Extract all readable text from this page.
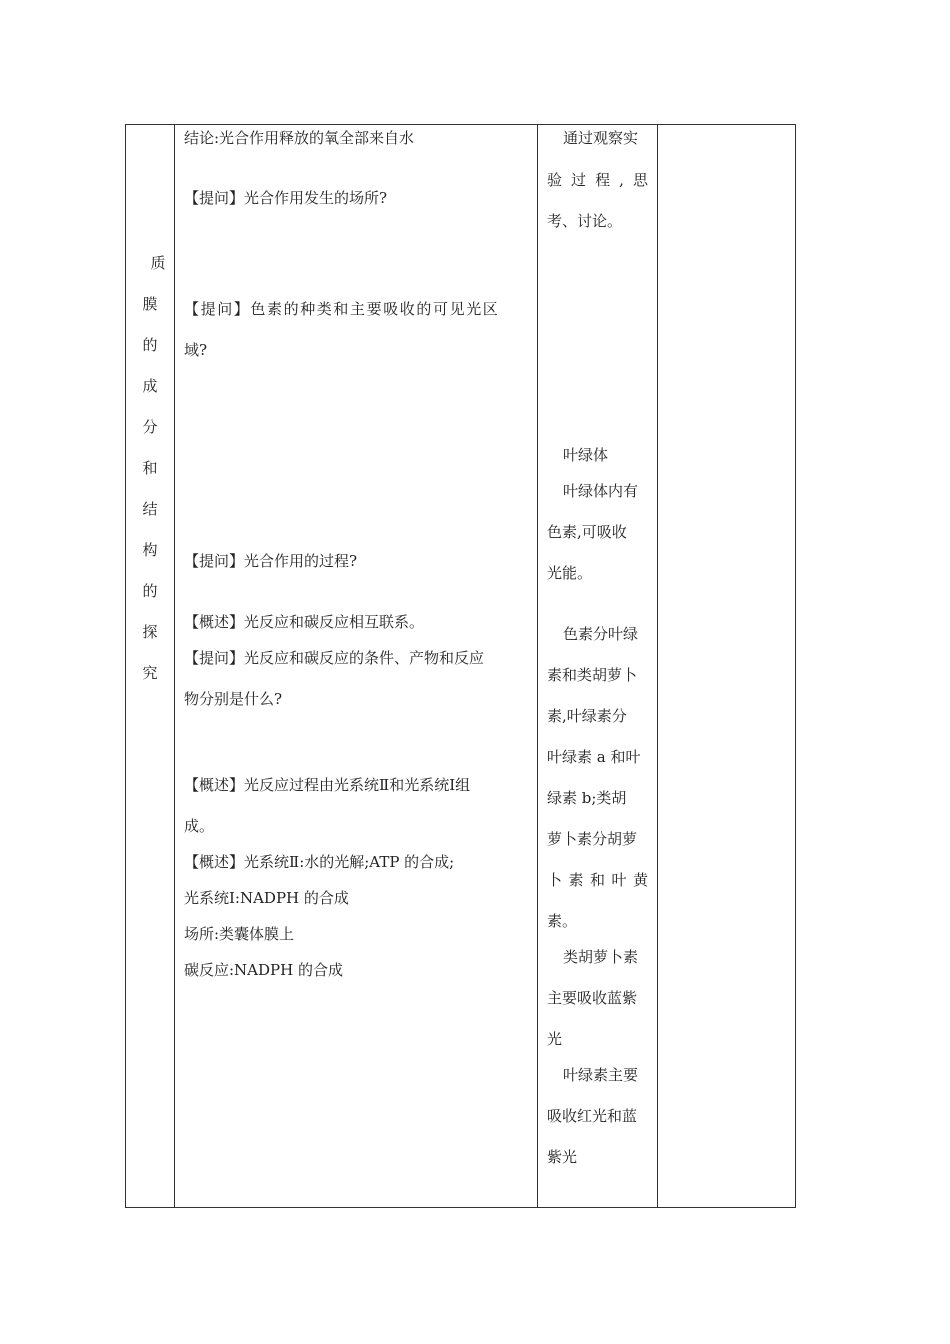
质
膜
的
成
分
和
结
构
的
探
究
结论:光合作用释放的氧全部来自水
【提问】光合作用发生的场所?
【提问】色素的种类和主要吸收的可见光区
域?
【提问】光合作用的过程?
【概述】光反应和碳反应相互联系。
【提问】光反应和碳反应的条件、产物和反应
物分别是什么?
【概述】光反应过程由光系统Ⅱ和光系统Ⅰ组
成。
【概述】光系统Ⅱ:水的光解;ATP 的合成;
光系统Ⅰ:NADPH 的合成
场所:类囊体膜上
碳反应:NADPH 的合成
通过观察实
验 过 程 , 思
考、讨论。
叶绿体
叶绿体内有
色素,可吸收
光能。
色素分叶绿
素和类胡萝卜
素,叶绿素分
叶绿素 a 和叶
绿素 b;类胡
萝卜素分胡萝
卜 素 和 叶 黄
素。
类胡萝卜素
主要吸收蓝紫
光
叶绿素主要
吸收红光和蓝
紫光
